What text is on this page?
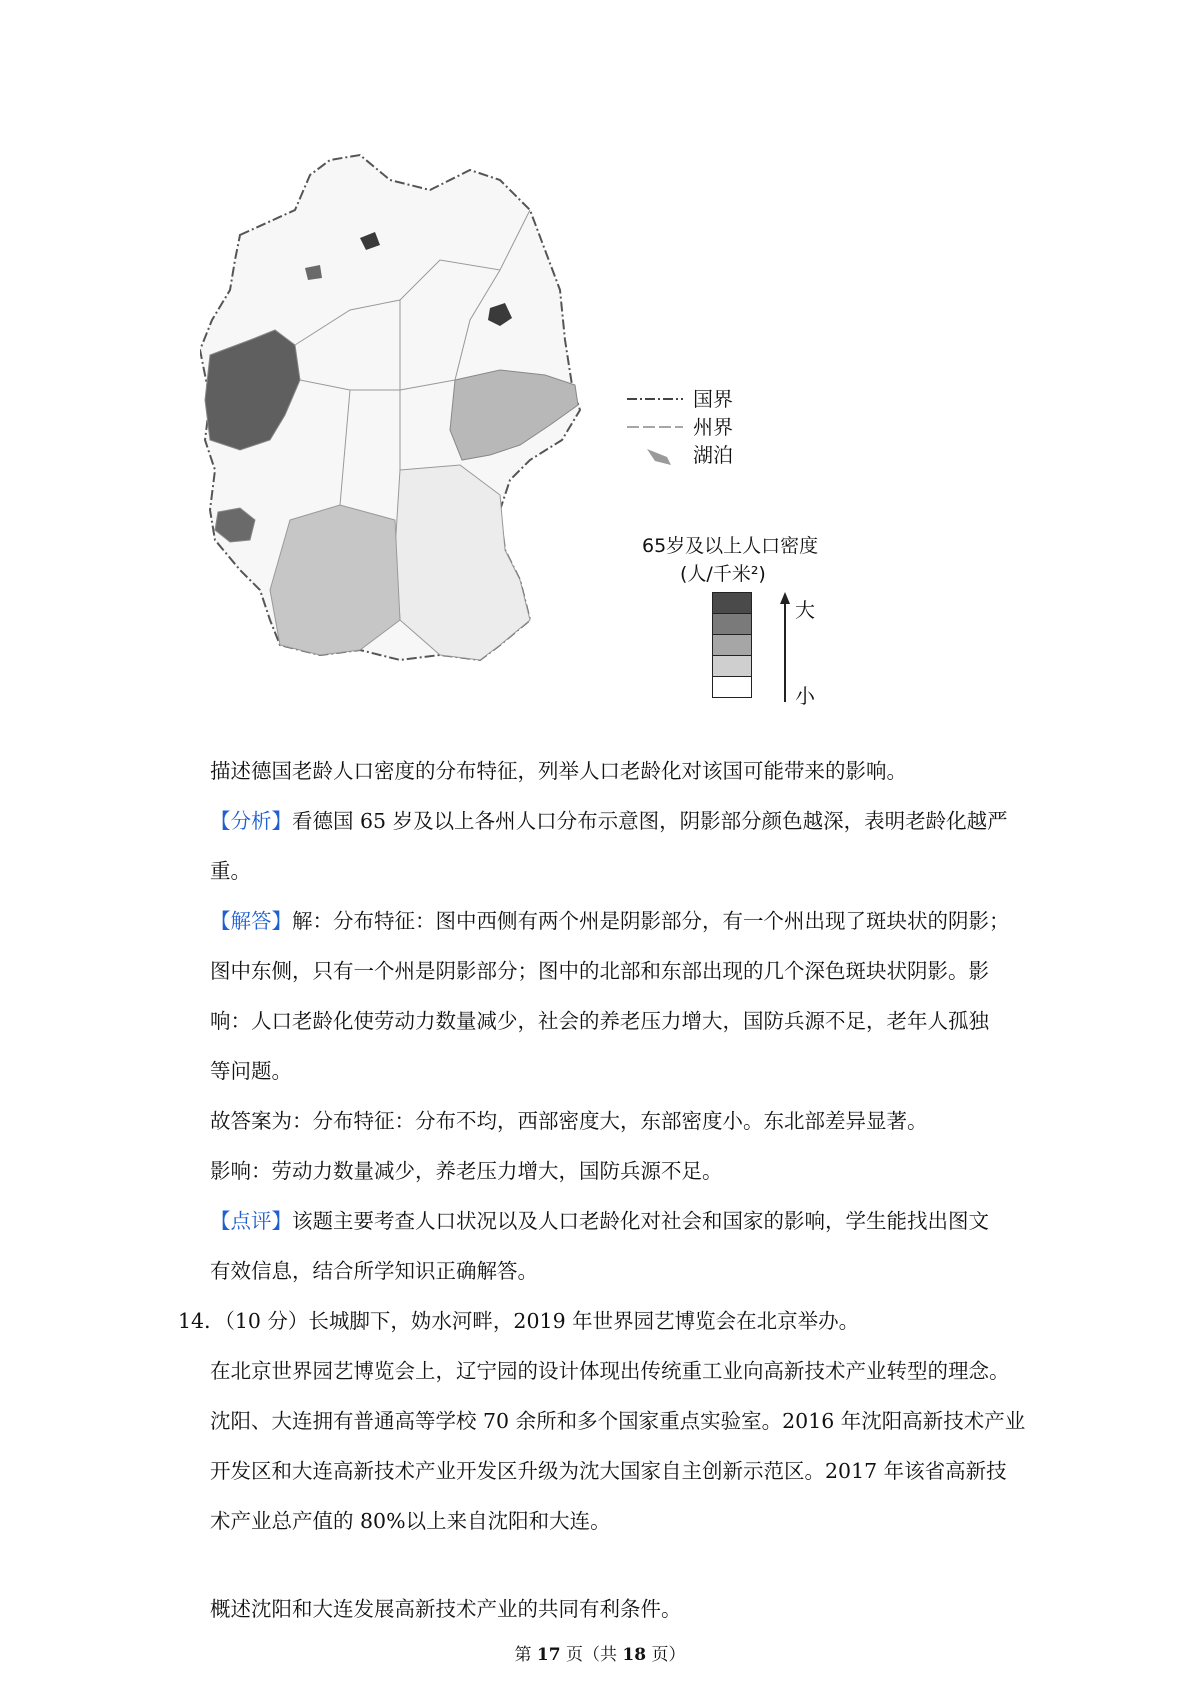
国界
州界
湖泊
65岁及以上人口密度
(人/千米²)
大
小
描述德国老龄人口密度的分布特征，列举人口老龄化对该国可能带来的影响。
【分析】看德国 65 岁及以上各州人口分布示意图，阴影部分颜色越深，表明老龄化越严
重。
【解答】解：分布特征：图中西侧有两个州是阴影部分，有一个州出现了斑块状的阴影；
图中东侧，只有一个州是阴影部分；图中的北部和东部出现的几个深色斑块状阴影。影
响：人口老龄化使劳动力数量减少，社会的养老压力增大，国防兵源不足，老年人孤独
等问题。
故答案为：分布特征：分布不均，西部密度大，东部密度小。东北部差异显著。
影响：劳动力数量减少，养老压力增大，国防兵源不足。
【点评】该题主要考查人口状况以及人口老龄化对社会和国家的影响，学生能找出图文
有效信息，结合所学知识正确解答。
14．（10 分）长城脚下，妫水河畔，2019 年世界园艺博览会在北京举办。
在北京世界园艺博览会上，辽宁园的设计体现出传统重工业向高新技术产业转型的理念。
沈阳、大连拥有普通高等学校 70 余所和多个国家重点实验室。2016 年沈阳高新技术产业
开发区和大连高新技术产业开发区升级为沈大国家自主创新示范区。2017 年该省高新技
术产业总产值的 80%以上来自沈阳和大连。
第 17 页（共 18 页）
概述沈阳和大连发展高新技术产业的共同有利条件。
